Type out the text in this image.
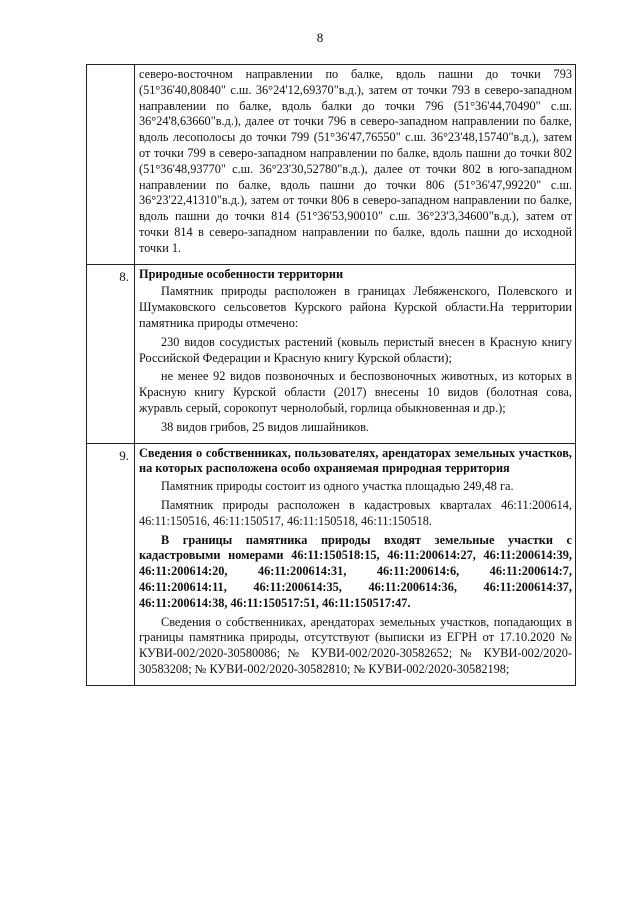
8

	северо-восточном направлении по балке, вдоль пашни до точки 793 (51°36'40,80840" с.ш. 36°24'12,69370"в.д.), затем от точки 793 в северо-западном направлении по балке, вдоль балки до точки 796 (51°36'44,70490" с.ш. 36°24'8,63660"в.д.), далее от точки 796 в северо-западном направлении по балке, вдоль лесополосы до точки 799 (51°36'47,76550" с.ш. 36°23'48,15740"в.д.), затем от точки 799 в северо-западном направлении по балке, вдоль пашни до точки 802 (51°36'48,93770" с.ш. 36°23'30,52780"в.д.), далее от точки 802 в юго-западном направлении по балке, вдоль пашни до точки 806 (51°36'47,99220" с.ш. 36°23'22,41310"в.д.), затем от точки 806 в северо-западном направлении по балке, вдоль пашни до точки 814 (51°36'53,90010" с.ш. 36°23'3,34600"в.д.), затем от точки 814 в северо-западном направлении по балке, вдоль пашни до исходной точки 1.

8.	Природные особенности территории

Памятник природы расположен в границах Лебяженского, Полевского и Шумаковского сельсоветов Курского района Курской области.На территории памятника природы отмечено:

230 видов сосудистых растений (ковыль перистый внесен в Красную книгу Российской Федерации и Красную книгу Курской области);

не менее 92 видов позвоночных и беспозвоночных животных, из которых в Красную книгу Курской области (2017) внесены 10 видов (болотная сова, журавль серый, сорокопут чернолобый, горлица обыкновенная и др.);

38 видов грибов, 25 видов лишайников.

9.	Сведения о собственниках, пользователях, арендаторах земельных участков, на которых расположена особо охраняемая природная территория

Памятник природы состоит из одного участка площадью 249,48 га.

Памятник природы расположен в кадастровых кварталах 46:11:200614, 46:11:150516, 46:11:150517, 46:11:150518, 46:11:150518.

В границы памятника природы входят земельные участки с кадастровыми номерами 46:11:150518:15, 46:11:200614:27, 46:11:200614:39, 46:11:200614:20, 46:11:200614:31, 46:11:200614:6, 46:11:200614:7, 46:11:200614:11, 46:11:200614:35, 46:11:200614:36, 46:11:200614:37, 46:11:200614:38, 46:11:150517:51, 46:11:150517:47.

Сведения о собственниках, арендаторах земельных участков, попадающих в границы памятника природы, отсутствуют (выписки из ЕГРН от 17.10.2020 № КУВИ-002/2020-30580086; № КУВИ-002/2020-30582652; № КУВИ-002/2020-30583208; № КУВИ-002/2020-30582810; № КУВИ-002/2020-30582198;
